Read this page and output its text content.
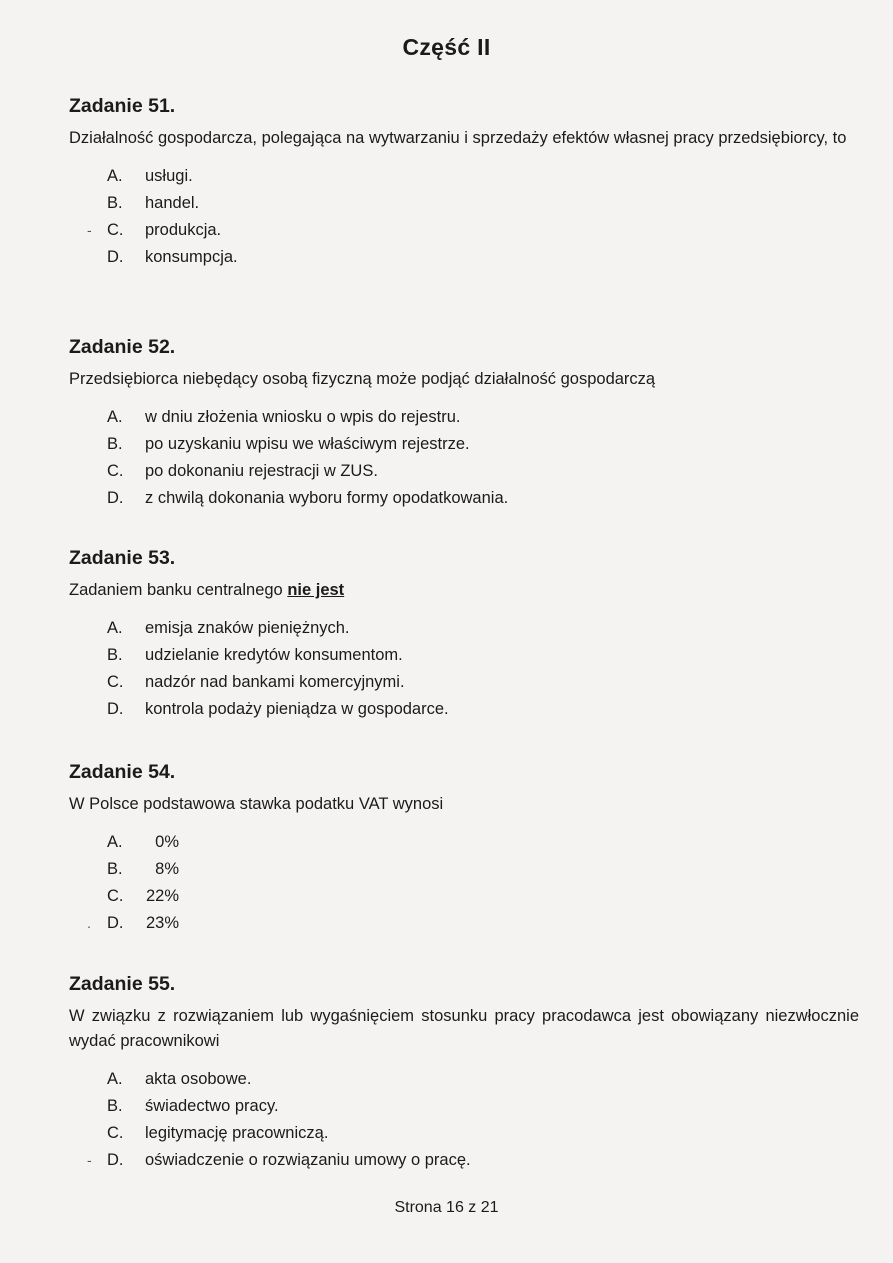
Część II
Zadanie 51.

Działalność gospodarcza, polegająca na wytwarzaniu i sprzedaży efektów własnej pracy przedsiębiorcy, to

A. usługi.
B. handel.
- C. produkcja.
D. konsumpcja.
Zadanie 52.

Przedsiębiorca niebędący osobą fizyczną może podjąć działalność gospodarczą

A. w dniu złożenia wniosku o wpis do rejestru.
B. po uzyskaniu wpisu we właściwym rejestrze.
C. po dokonaniu rejestracji w ZUS.
D. z chwilą dokonania wyboru formy opodatkowania.
Zadanie 53.

Zadaniem banku centralnego nie jest

A. emisja znaków pieniężnych.
B. udzielanie kredytów konsumentom.
C. nadzór nad bankami komercyjnymi.
D. kontrola podaży pieniądza w gospodarce.
Zadanie 54.

W Polsce podstawowa stawka podatku VAT wynosi

A.	0%
B.	8%
C. 22%
. D. 23%
Zadanie 55.

W związku z rozwiązaniem lub wygaśnięciem stosunku pracy pracodawca jest obowiązany niezwłocznie wydać pracownikowi

A. akta osobowe.
B. świadectwo pracy.
C. legitymację pracowniczą.
- D. oświadczenie o rozwiązaniu umowy o pracę.
Strona 16 z 21
